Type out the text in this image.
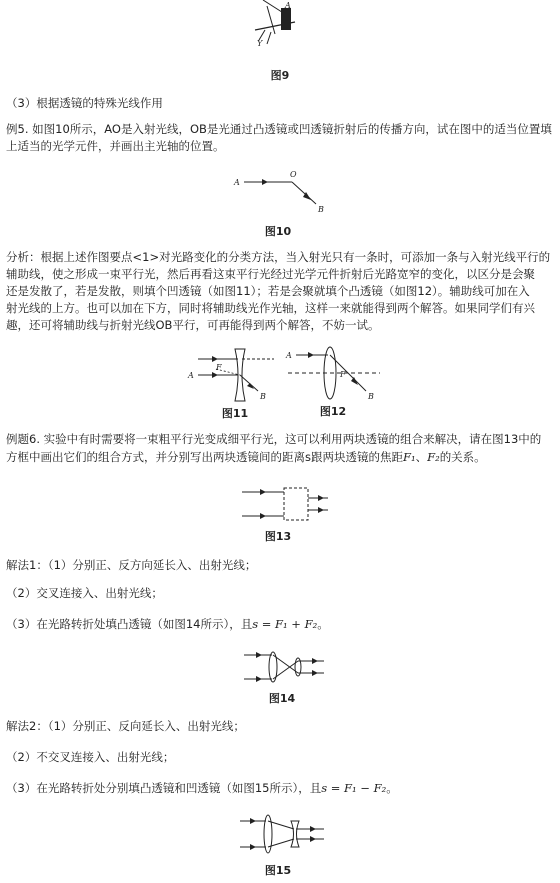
A
Y
图9
（3）根据透镜的特殊光线作用
例5. 如图10所示，AO是入射光线，OB是光通过凸透镜或凹透镜折射后的传播方向，试在图中的适当位置填
上适当的光学元件，并画出主光轴的位置。
A
O
B
图10
分析：根据上述作图要点<1>对光路变化的分类方法，当入射光只有一条时，可添加一条与入射光线平行的
辅助线，使之形成一束平行光，然后再看这束平行光经过光学元件折射后光路宽窄的变化，以区分是会聚
还是发散了，若是发散，则填个凹透镜（如图11）；若是会聚就填个凸透镜（如图12）。辅助线可加在入
射光线的上方。也可以加在下方，同时将辅助线光作光轴，这样一来就能得到两个解答。如果同学们有兴
趣，还可将辅助线与折射光线OB平行，可再能得到两个解答，不妨一试。
A
F
B
图11
A
F
B
图12
例题6. 实验中有时需要将一束粗平行光变成细平行光，这可以利用两块透镜的组合来解决，请在图13中的
方框中画出它们的组合方式，并分别写出两块透镜间的距离s跟两块透镜的焦距F₁、F₂的关系。
图13
解法1：（1）分别正、反方向延长入、出射光线；
（2）交叉连接入、出射光线；
（3）在光路转折处填凸透镜（如图14所示），且s = F₁ + F₂。
图14
解法2：（1）分别正、反向延长入、出射光线；
（2）不交叉连接入、出射光线；
（3）在光路转折处分别填凸透镜和凹透镜（如图15所示），且s = F₁ − F₂。
图15
